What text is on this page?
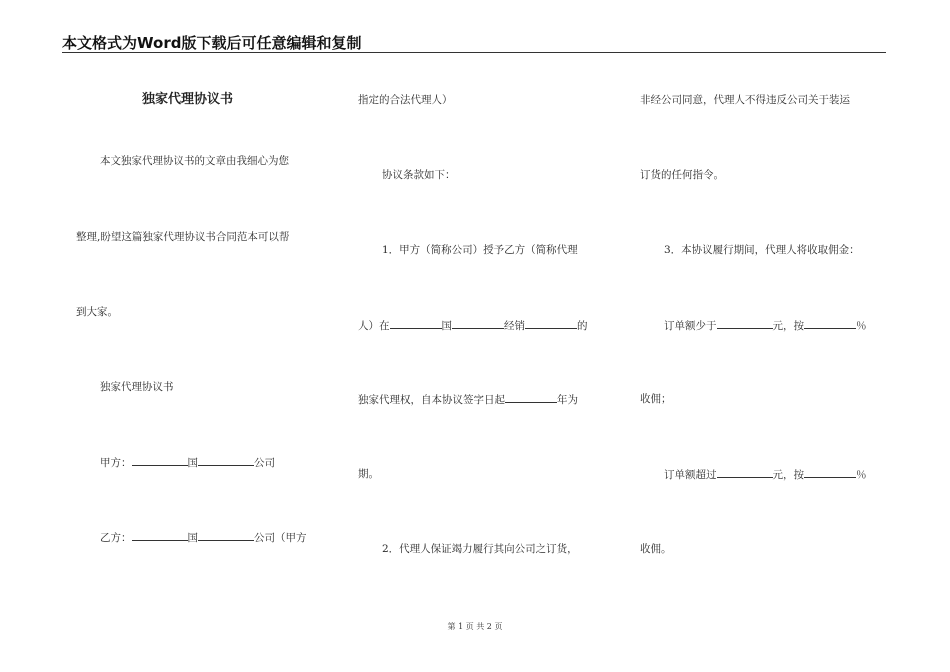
本文格式为Word版下载后可任意编辑和复制
独家代理协议书
本文独家代理协议书的文章由我细心为您
整理,盼望这篇独家代理协议书合同范本可以帮
到大家。
独家代理协议书
甲方：	国	公司
乙方：	国	公司（甲方
指定的合法代理人）
协议条款如下：
1．甲方（简称公司）授予乙方（简称代理
人）在	国	经销	的
独家代理权，自本协议签字日起	年为
期。
2．代理人保证竭力履行其向公司之订货，
非经公司同意，代理人不得违反公司关于装运
订货的任何指令。
3．本协议履行期间，代理人将收取佣金：
订单额少于	元，按	％
收佣；
订单额超过	元，按	％
收佣。
第 1 页 共 2 页
